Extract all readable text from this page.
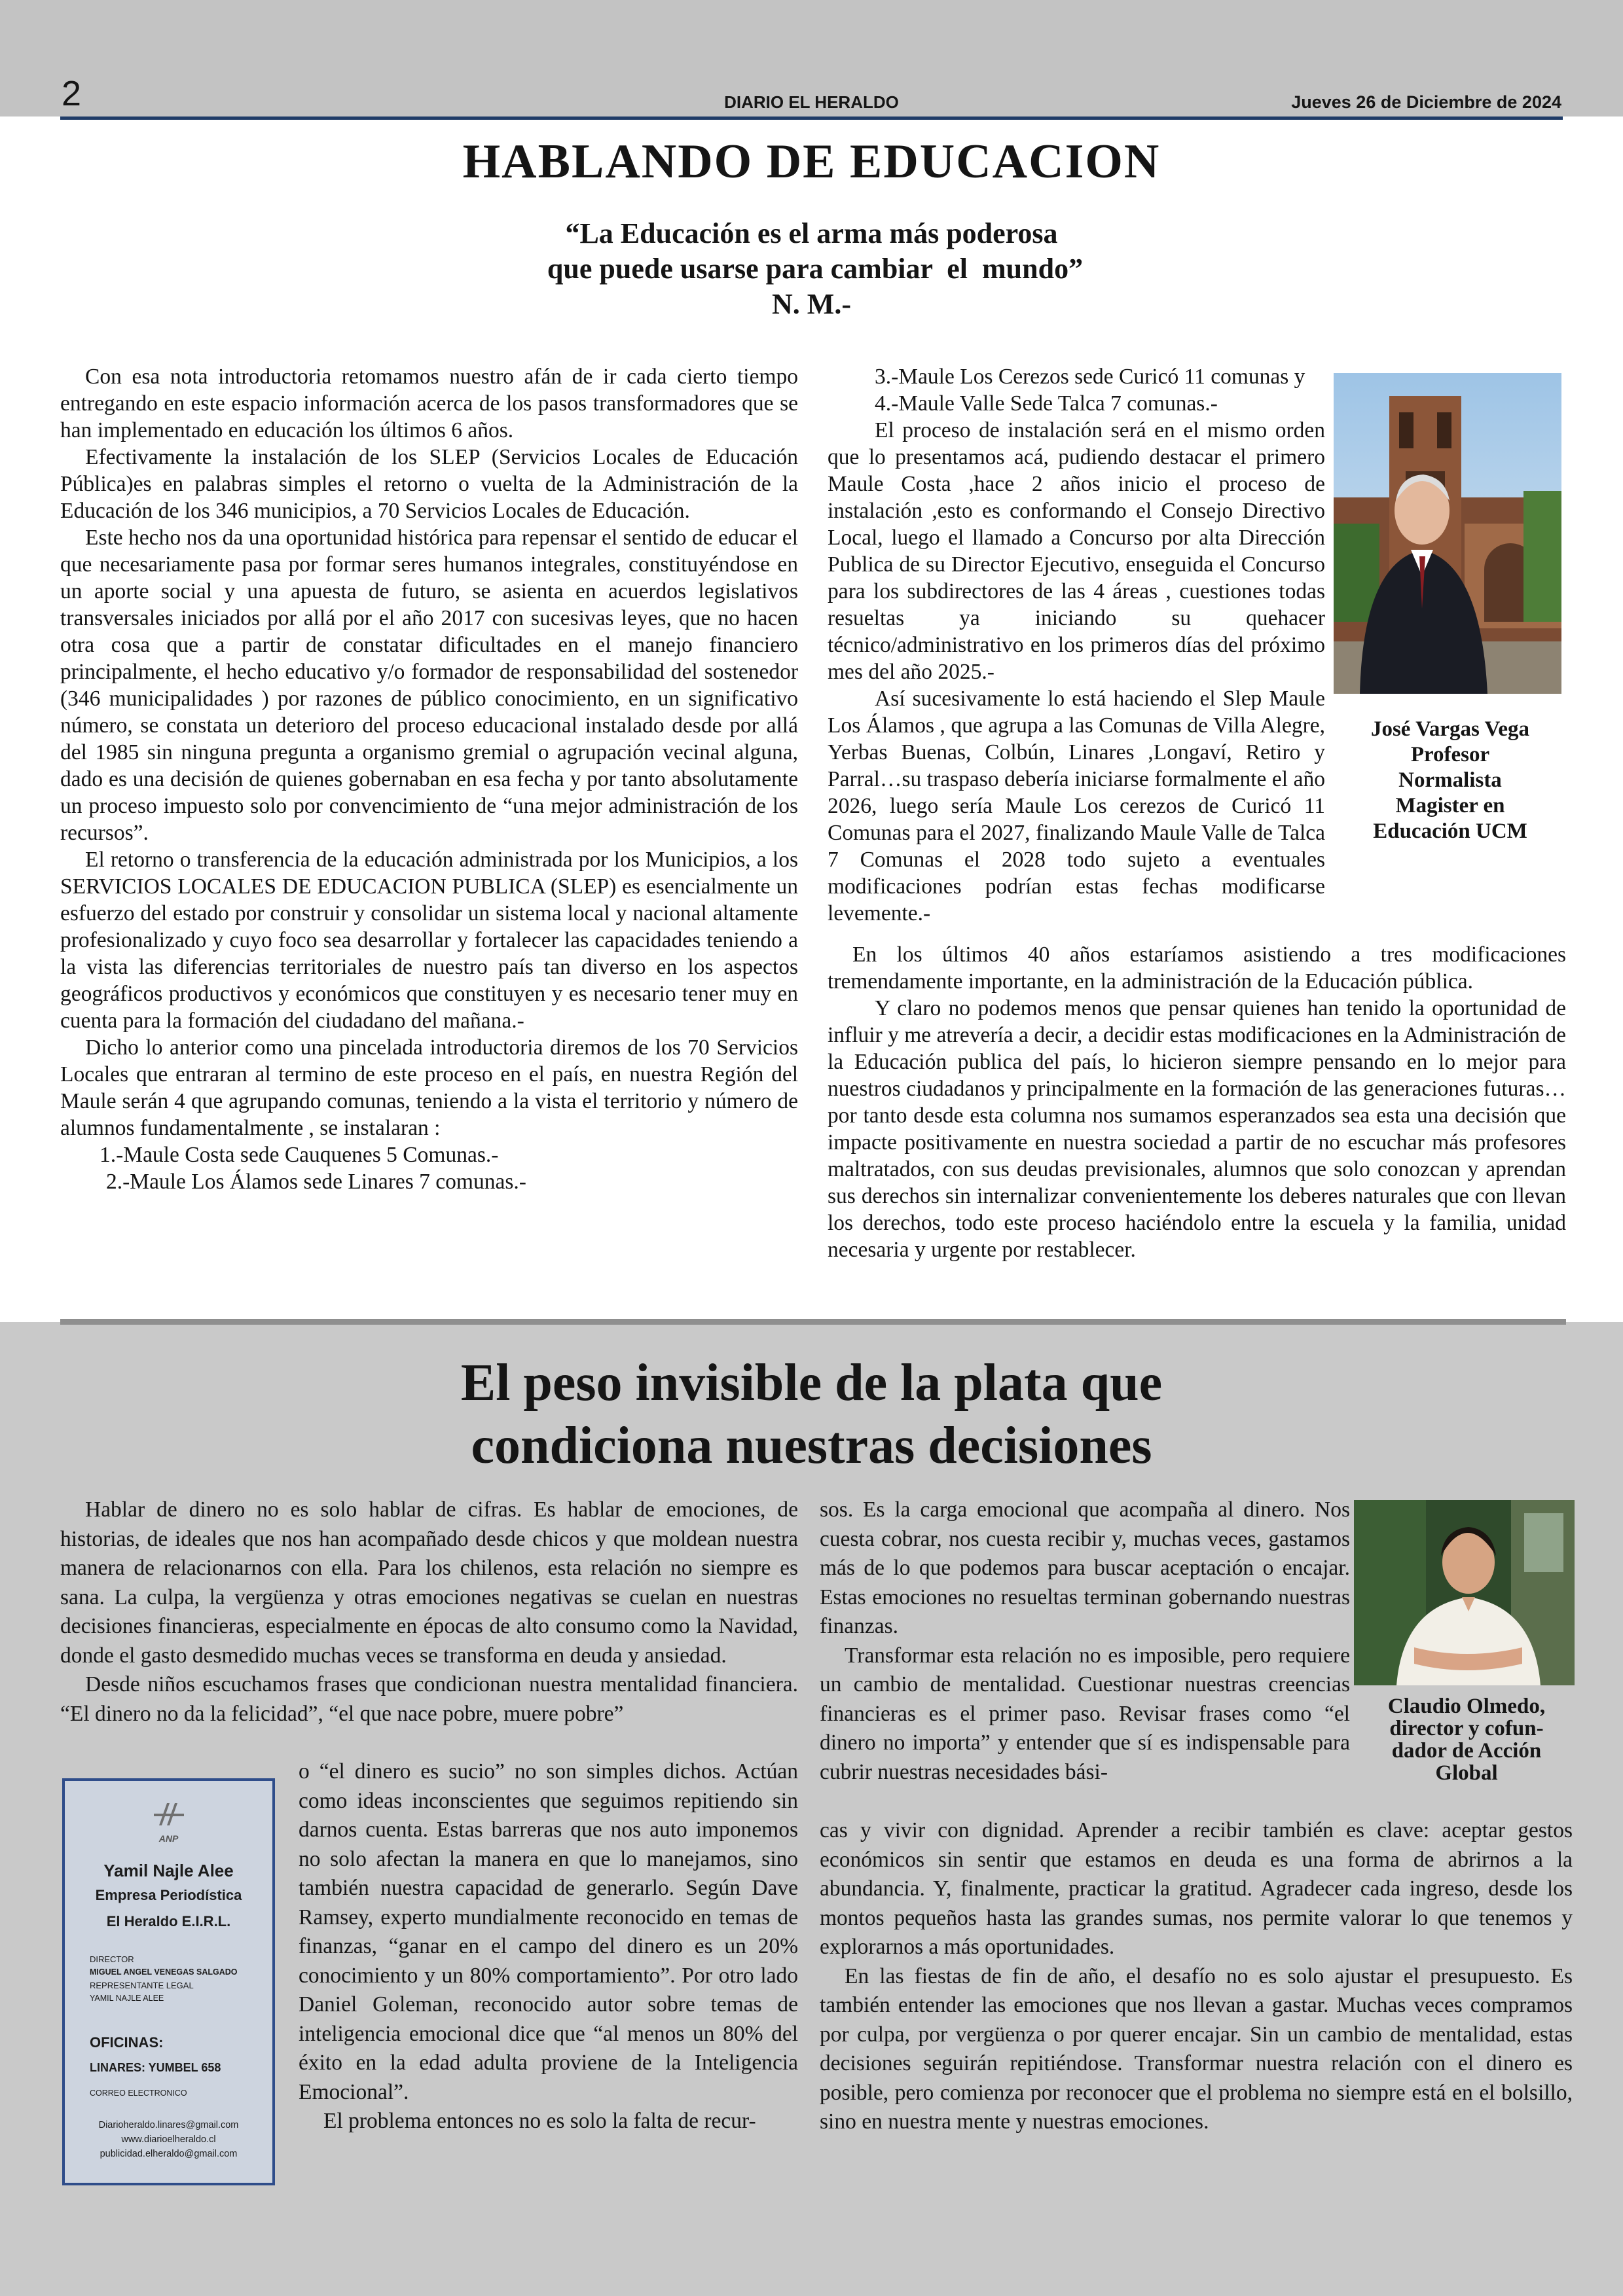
2	DIARIO EL HERALDO	Jueves 26 de Diciembre de 2024
HABLANDO DE EDUCACION
“La Educación es el arma más poderosa
que puede usarse para cambiar  el  mundo”
N. M.-

Con esa nota introductoria retomamos nuestro afán de ir cada cierto tiempo entregando en este espacio información acerca de los pasos transformadores que se han implementado en educación los últimos 6 años.

Efectivamente la instalación de los SLEP (Servicios Locales de Educación Pública)es en palabras simples el retorno o vuelta de la Administración de la Educación de los 346 municipios, a 70 Servicios Locales de Educación.

Este hecho nos da una oportunidad histórica para repensar el sentido de educar el que necesariamente pasa por formar seres humanos integrales, constituyéndose en un aporte social y una apuesta de futuro, se asienta en acuerdos legislativos transversales iniciados por allá por el año 2017 con sucesivas leyes, que no hacen otra cosa que a partir de constatar dificultades en el manejo financiero principalmente, el hecho educativo y/o formador de responsabilidad del sostenedor (346 municipalidades ) por razones de público conocimiento, en un significativo número, se constata un deterioro del proceso educacional instalado desde por allá del 1985 sin ninguna pregunta a organismo gremial o agrupación vecinal alguna, dado es una decisión de quienes gobernaban en esa fecha y por tanto absolutamente un proceso impuesto solo por convencimiento de “una mejor administración de los recursos”.

El retorno o transferencia de la educación administrada por los Municipios, a los SERVICIOS LOCALES DE EDUCACION PUBLICA (SLEP) es esencialmente un esfuerzo del estado por construir y consolidar un sistema local y nacional altamente profesionalizado y cuyo foco sea desarrollar y fortalecer las capacidades teniendo a la vista las diferencias territoriales de nuestro país tan diverso en los aspectos geográficos productivos y económicos que constituyen y es necesario tener muy en cuenta para la formación del ciudadano del mañana.-

Dicho lo anterior como una pincelada introductoria diremos de los 70 Servicios Locales que entraran al termino de este proceso en el país, en nuestra Región del Maule serán 4 que agrupando comunas, teniendo a la vista el territorio y número de alumnos fundamentalmente , se instalaran :

1.-Maule Costa sede Cauquenes 5 Comunas.-

2.-Maule Los Álamos sede Linares 7 comunas.-

3.-Maule Los Cerezos sede Curicó 11 comunas y

4.-Maule Valle Sede Talca 7 comunas.-

El proceso de instalación será en el mismo orden que lo presentamos acá, pudiendo destacar el primero Maule Costa ,hace 2 años inicio el proceso de instalación ,esto es conformando el Consejo Directivo Local, luego el llamado a Concurso por alta Dirección Publica de su Director Ejecutivo, enseguida el Concurso para los subdirectores de las 4 áreas , cuestiones todas resueltas ya iniciando su quehacer técnico/administrativo en los primeros días del próximo mes del año 2025.-

Así sucesivamente lo está haciendo el Slep Maule Los Álamos , que agrupa a las Comunas de Villa Alegre, Yerbas Buenas, Colbún, Linares ,Longaví, Retiro y Parral…su traspaso debería iniciarse formalmente el año 2026, luego sería Maule Los cerezos de Curicó 11 Comunas para el 2027, finalizando Maule Valle de Talca 7 Comunas el 2028 todo sujeto a eventuales modificaciones podrían estas fechas modificarse levemente.-

En los últimos 40 años estaríamos asistiendo a tres modificaciones tremendamente importante, en la administración de la Educación pública.

Y claro no podemos menos que pensar quienes han tenido la oportunidad de influir y me atrevería a decir, a decidir estas modificaciones en la Administración de la Educación publica del país, lo hicieron siempre pensando en lo mejor para nuestros ciudadanos y principalmente en la formación de las generaciones futuras…por tanto desde esta columna nos sumamos esperanzados sea esta una decisión que impacte positivamente en nuestra sociedad a partir de no escuchar más profesores maltratados, con sus deudas previsionales, alumnos que solo conozcan y aprendan sus derechos sin internalizar convenientemente los deberes naturales que con llevan los derechos, todo este proceso haciéndolo entre la escuela y la familia, unidad necesaria y urgente por restablecer.

José Vargas Vega
Profesor
Normalista
Magister en
Educación UCM
El peso invisible de la plata que
condiciona nuestras decisiones

Hablar de dinero no es solo hablar de cifras. Es hablar de emociones, de historias, de ideales que nos han acompañado desde chicos y que moldean nuestra manera de relacionarnos con ella. Para los chilenos, esta relación no siempre es sana. La culpa, la vergüenza y otras emociones negativas se cuelan en nuestras decisiones financieras, especialmente en épocas de alto consumo como la Navidad, donde el gasto desmedido muchas veces se transforma en deuda y ansiedad.

Desde niños escuchamos frases que condicionan nuestra mentalidad financiera. “El dinero no da la felicidad”, “el que nace pobre, muere pobre”

o “el dinero es sucio” no son simples dichos. Actúan como ideas inconscientes que seguimos repitiendo sin darnos cuenta. Estas barreras que nos auto imponemos no solo afectan la manera en que lo manejamos, sino también nuestra capacidad de generarlo. Según Dave Ramsey, experto mundialmente reconocido en temas de finanzas, “ganar en el campo del dinero es un 20% conocimiento y un 80% comportamiento”. Por otro lado Daniel Goleman, reconocido autor sobre temas de inteligencia emocional dice que “al menos un 80% del éxito en la edad adulta proviene de la Inteligencia Emocional”.

El problema entonces no es solo la falta de recur-

sos. Es la carga emocional que acompaña al dinero. Nos cuesta cobrar, nos cuesta recibir y, muchas veces, gastamos más de lo que podemos para buscar aceptación o encajar. Estas emociones no resueltas terminan gobernando nuestras finanzas.

Transformar esta relación no es imposible, pero requiere un cambio de mentalidad. Cuestionar nuestras creencias financieras es el primer paso. Revisar frases como “el dinero no importa” y entender que sí es indispensable para cubrir nuestras necesidades bási-

cas y vivir con dignidad. Aprender a recibir también es clave: aceptar gestos económicos sin sentir que estamos en deuda es una forma de abrirnos a la abundancia. Y, finalmente, practicar la gratitud. Agradecer cada ingreso, desde los montos pequeños hasta las grandes sumas, nos permite valorar lo que tenemos y explorarnos a más oportunidades.

En las fiestas de fin de año, el desafío no es solo ajustar el presupuesto. Es también entender las emociones que nos llevan a gastar. Muchas veces compramos por culpa, por vergüenza o por querer encajar. Sin un cambio de mentalidad, estas decisiones seguirán repitiéndose. Transformar nuestra relación con el dinero es posible, pero comienza por reconocer que el problema no siempre está en el bolsillo, sino en nuestra mente y nuestras emociones.

Claudio Olmedo,
director y cofun-
dador de Acción
Global
ANP
Yamil Najle Alee
Empresa Periodística
El Heraldo E.I.R.L.
DIRECTOR
MIGUEL ANGEL VENEGAS SALGADO
REPRESENTANTE LEGAL
YAMIL NAJLE ALEE
OFICINAS:
LINARES: YUMBEL 658
CORREO ELECTRONICO
Diarioheraldo.linares@gmail.com
www.diarioelheraldo.cl
publicidad.elheraldo@gmail.com
